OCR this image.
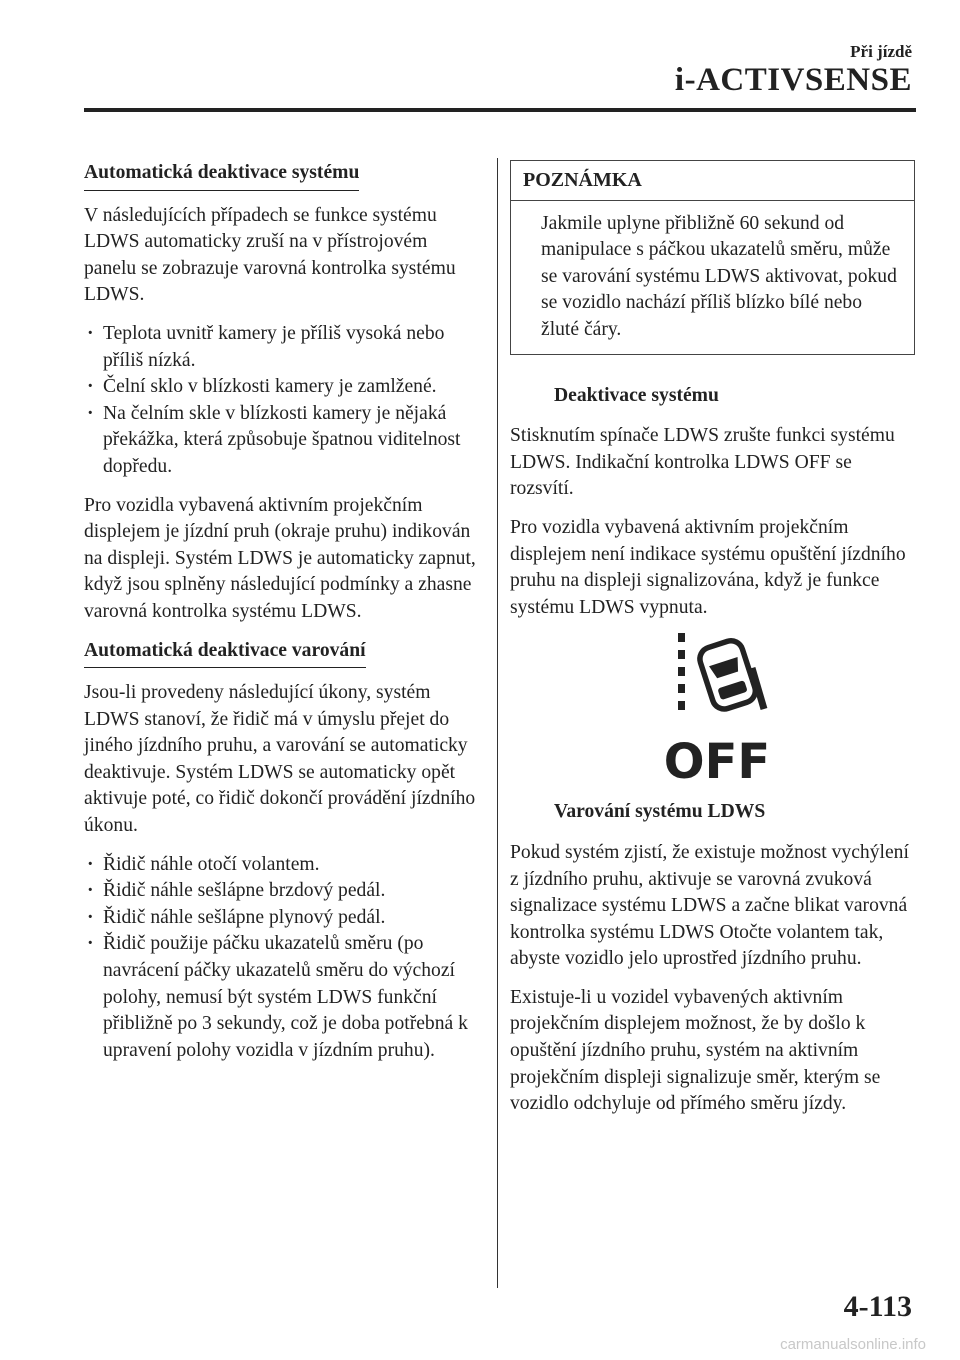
Při jízdě
i-ACTIVSENSE
Automatická deaktivace systému

V následujících případech se funkce systému LDWS automaticky zruší na v přístrojovém panelu se zobrazuje varovná kontrolka systému LDWS.

· Teplota uvnitř kamery je příliš vysoká nebo příliš nízká.
· Čelní sklo v blízkosti kamery je zamlžené.
· Na čelním skle v blízkosti kamery je nějaká překážka, která způsobuje špatnou viditelnost dopředu.

Pro vozidla vybavená aktivním projekčním displejem je jízdní pruh (okraje pruhu) indikován na displeji. Systém LDWS je automaticky zapnut, když jsou splněny následující podmínky a zhasne varovná kontrolka systému LDWS.

Automatická deaktivace varování

Jsou-li provedeny následující úkony, systém LDWS stanoví, že řidič má v úmyslu přejet do jiného jízdního pruhu, a varování se automaticky deaktivuje. Systém LDWS se automaticky opět aktivuje poté, co řidič dokončí provádění jízdního úkonu.

· Řidič náhle otočí volantem.
· Řidič náhle sešlápne brzdový pedál.
· Řidič náhle sešlápne plynový pedál.
· Řidič použije páčku ukazatelů směru (po navrácení páčky ukazatelů směru do výchozí polohy, nemusí být systém LDWS funkční přibližně po 3 sekundy, což je doba potřebná k upravení polohy vozidla v jízdním pruhu).
POZNÁMKA
Jakmile uplyne přibližně 60 sekund od manipulace s páčkou ukazatelů směru, může se varování systému LDWS aktivovat, pokud se vozidlo nachází příliš blízko bílé nebo žluté čáry.
Deaktivace systému

Stisknutím spínače LDWS zrušte funkci systému LDWS. Indikační kontrolka LDWS OFF se rozsvítí.

Pro vozidla vybavená aktivním projekčním displejem není indikace systému opuštění jízdního pruhu na displeji signalizována, když je funkce systému LDWS vypnuta.

OFF
Varování systému LDWS

Pokud systém zjistí, že existuje možnost vychýlení z jízdního pruhu, aktivuje se varovná zvuková signalizace systému LDWS a začne blikat varovná kontrolka systému LDWS Otočte volantem tak, abyste vozidlo jelo uprostřed jízdního pruhu.

Existuje-li u vozidel vybavených aktivním projekčním displejem možnost, že by došlo k opuštění jízdního pruhu, systém na aktivním projekčním displeji signalizuje směr, kterým se vozidlo odchyluje od přímého směru jízdy.

4-113
carmanualsonline.info
